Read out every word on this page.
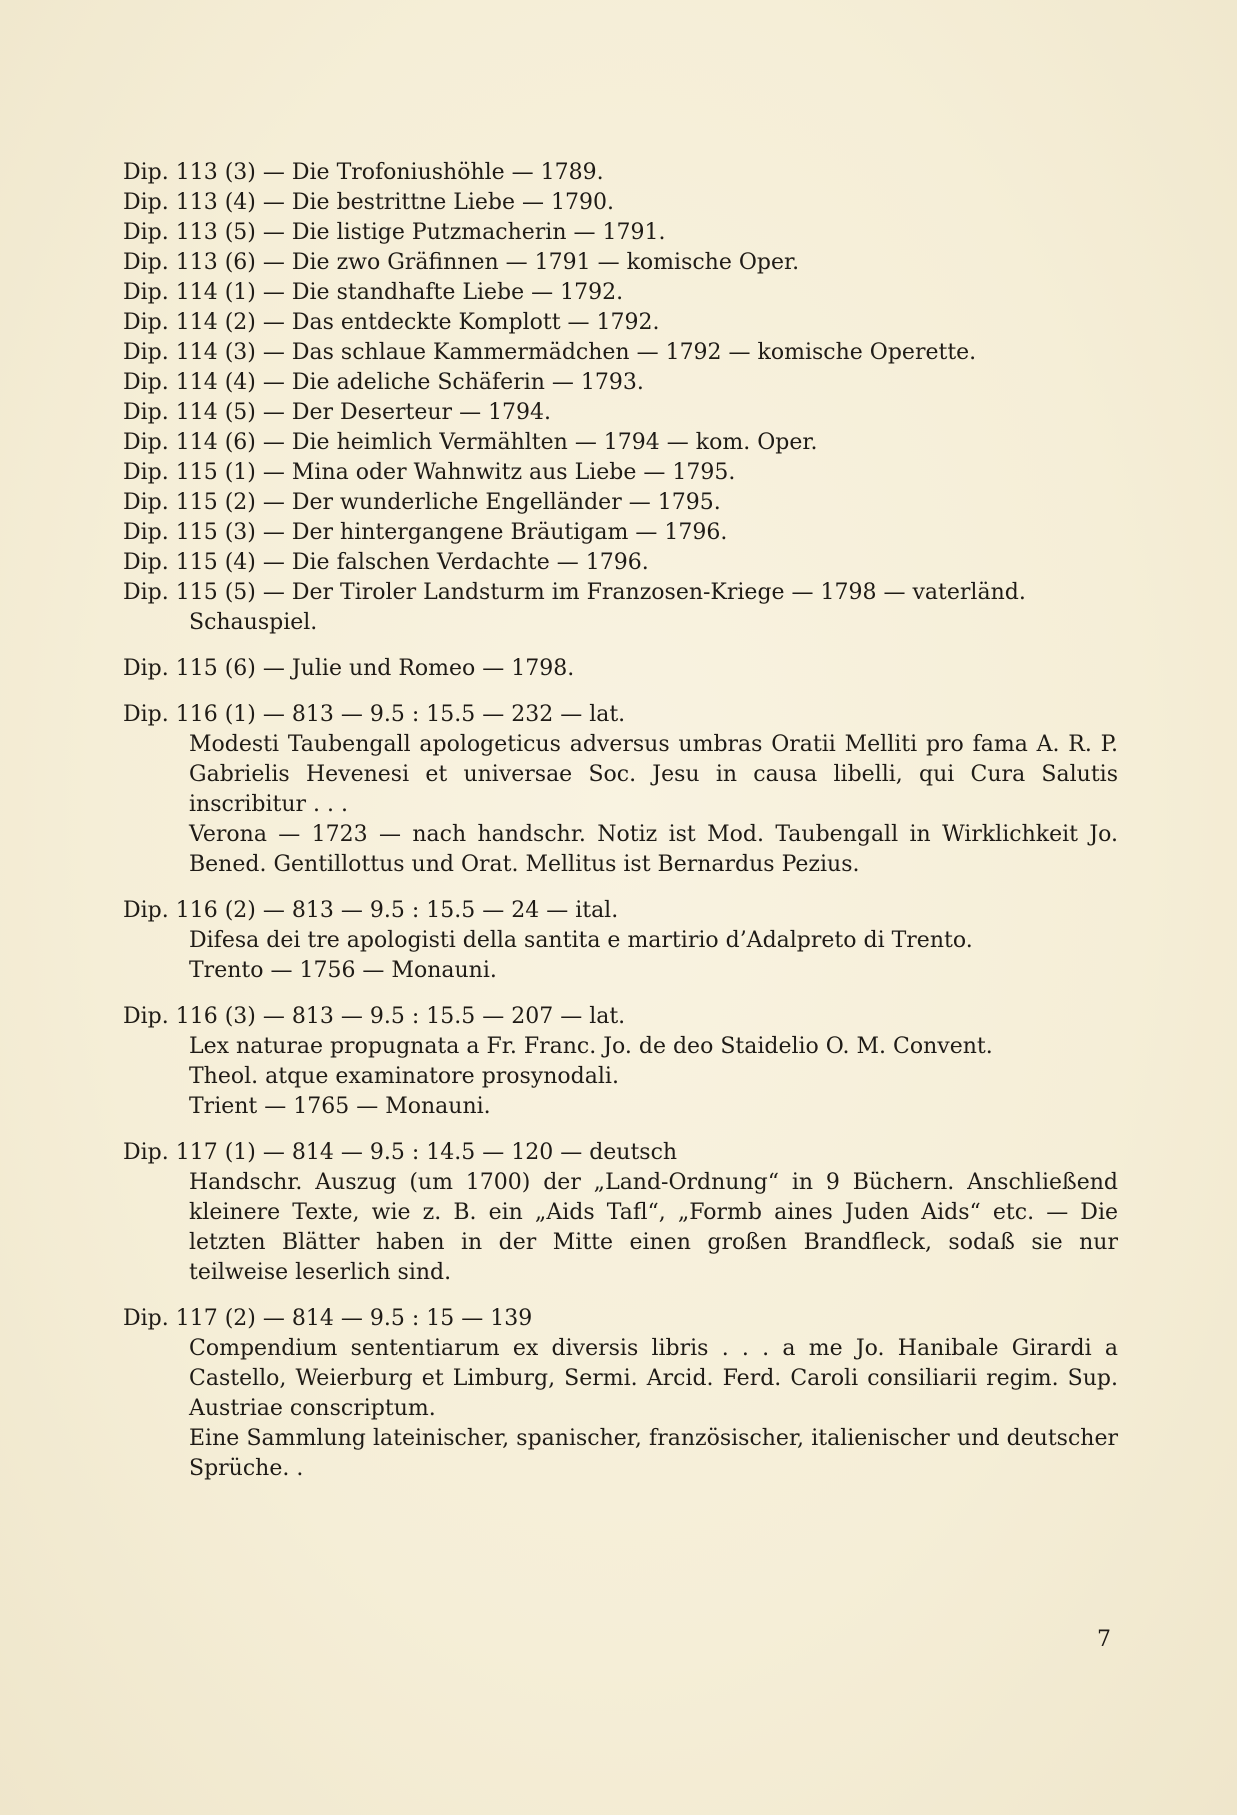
Dip. 113 (3) — Die Trofoniushöhle — 1789.
Dip. 113 (4) — Die bestrittne Liebe — 1790.
Dip. 113 (5) — Die listige Putzmacherin — 1791.
Dip. 113 (6) — Die zwo Gräfinnen — 1791 — komische Oper.
Dip. 114 (1) — Die standhafte Liebe — 1792.
Dip. 114 (2) — Das entdeckte Komplott — 1792.
Dip. 114 (3) — Das schlaue Kammermädchen — 1792 — komische Operette.
Dip. 114 (4) — Die adeliche Schäferin — 1793.
Dip. 114 (5) — Der Deserteur — 1794.
Dip. 114 (6) — Die heimlich Vermählten — 1794 — kom. Oper.
Dip. 115 (1) — Mina oder Wahnwitz aus Liebe — 1795.
Dip. 115 (2) — Der wunderliche Engelländer — 1795.
Dip. 115 (3) — Der hintergangene Bräutigam — 1796.
Dip. 115 (4) — Die falschen Verdachte — 1796.
Dip. 115 (5) — Der Tiroler Landsturm im Franzosen-Kriege — 1798 — vaterländ.
Schauspiel.
Dip. 115 (6) — Julie und Romeo — 1798.
Dip. 116 (1) — 813 — 9.5 : 15.5 — 232 — lat.

Modesti Taubengall apologeticus adversus umbras Oratii Melliti pro fama A. R. P. Gabrielis Hevenesi et universae Soc. Jesu in causa libelli, qui Cura Salutis inscribitur . . .

Verona — 1723 — nach handschr. Notiz ist Mod. Taubengall in Wirklichkeit Jo. Bened. Gentillottus und Orat. Mellitus ist Bernardus Pezius.

Dip. 116 (2) — 813 — 9.5 : 15.5 — 24 — ital.

Difesa dei tre apologisti della santita e martirio d’Adalpreto di Trento.

Trento — 1756 — Monauni.

Dip. 116 (3) — 813 — 9.5 : 15.5 — 207 — lat.

Lex naturae propugnata a Fr. Franc. Jo. de deo Staidelio O. M. Convent.

Theol. atque examinatore prosynodali.

Trient — 1765 — Monauni.

Dip. 117 (1) — 814 — 9.5 : 14.5 — 120 — deutsch

Handschr. Auszug (um 1700) der „Land-Ordnung“ in 9 Büchern. Anschließend kleinere Texte, wie z. B. ein „Aids Tafl“, „Formb aines Juden Aids“ etc. — Die letzten Blätter haben in der Mitte einen großen Brandfleck, sodaß sie nur teilweise leserlich sind.

Dip. 117 (2) — 814 — 9.5 : 15 — 139

Compendium sententiarum ex diversis libris . . . a me Jo. Hanibale Girardi a Castello, Weierburg et Limburg, Sermi. Arcid. Ferd. Caroli consiliarii regim. Sup. Austriae conscriptum.

Eine Sammlung lateinischer, spanischer, französischer, italienischer und deutscher Sprüche. .

7
